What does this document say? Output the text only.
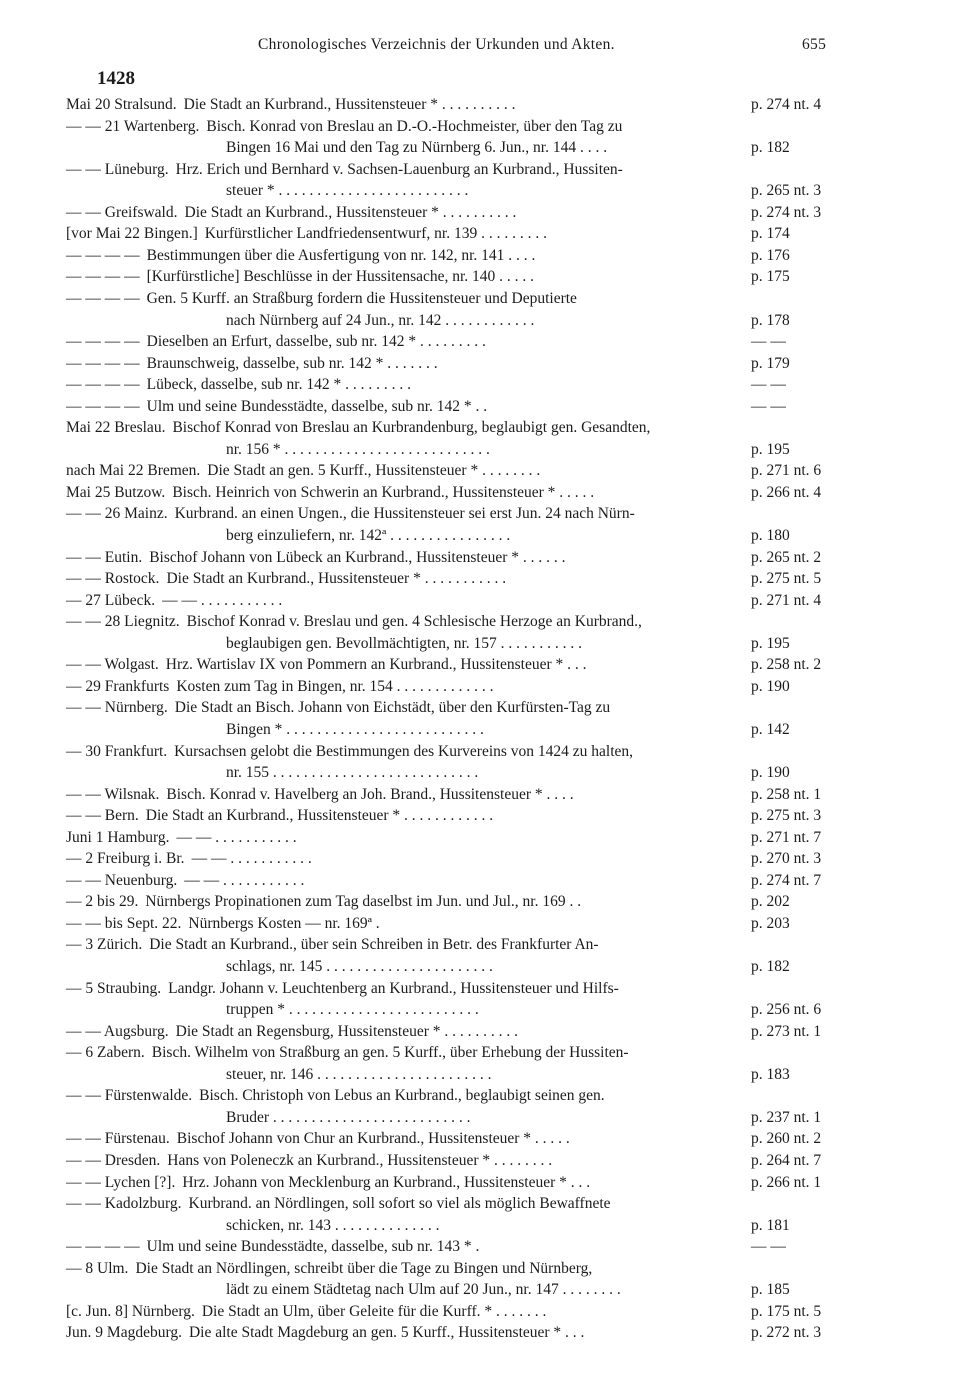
Chronologisches Verzeichnis der Urkunden und Akten.	655
1428
Mai 20 Stralsund. Die Stadt an Kurbrand., Hussitensteuer * . . . . . . . . . .	p. 274 nt. 4
— — 21 Wartenberg. Bisch. Konrad von Breslau an D.-O.-Hochmeister, über den Tag zu
Bingen 16 Mai und den Tag zu Nürnberg 6. Jun., nr. 144 . . . .	p. 182
— — Lüneburg. Hrz. Erich und Bernhard v. Sachsen-Lauenburg an Kurbrand., Hussiten-
steuer * . . . . . . . . . . . . . . . . . . . . . . . . .	p. 265 nt. 3
— — Greifswald. Die Stadt an Kurbrand., Hussitensteuer * . . . . . . . . . .	p. 274 nt. 3
[vor Mai 22 Bingen.] Kurfürstlicher Landfriedensentwurf, nr. 139 . . . . . . . . .	p. 174
— — — — Bestimmungen über die Ausfertigung von nr. 142, nr. 141 . . . .	p. 176
— — — — [Kurfürstliche] Beschlüsse in der Hussitensache, nr. 140 . . . . .	p. 175
— — — — Gen. 5 Kurff. an Straßburg fordern die Hussitensteuer und Deputierte
nach Nürnberg auf 24 Jun., nr. 142 . . . . . . . . . . . .	p. 178
— — — — Dieselben an Erfurt, dasselbe, sub nr. 142 * . . . . . . . . .	— —
— — — — Braunschweig, dasselbe, sub nr. 142 * . . . . . . .	p. 179
— — — — Lübeck, dasselbe, sub nr. 142 * . . . . . . . . .	— —
— — — — Ulm und seine Bundesstädte, dasselbe, sub nr. 142 * . .	— —
Mai 22 Breslau. Bischof Konrad von Breslau an Kurbrandenburg, beglaubigt gen. Gesandten,
nr. 156 * . . . . . . . . . . . . . . . . . . . . . . . . . . .	p. 195
nach Mai 22 Bremen. Die Stadt an gen. 5 Kurff., Hussitensteuer * . . . . . . . .	p. 271 nt. 6
Mai 25 Butzow. Bisch. Heinrich von Schwerin an Kurbrand., Hussitensteuer * . . . . .	p. 266 nt. 4
— — 26 Mainz. Kurbrand. an einen Ungen., die Hussitensteuer sei erst Jun. 24 nach Nürn-
berg einzuliefern, nr. 142ª . . . . . . . . . . . . . . . .	p. 180
— — Eutin. Bischof Johann von Lübeck an Kurbrand., Hussitensteuer * . . . . . .	p. 265 nt. 2
— — Rostock. Die Stadt an Kurbrand., Hussitensteuer * . . . . . . . . . . .	p. 275 nt. 5
— 27 Lübeck. — — . . . . . . . . . . .	p. 271 nt. 4
— — 28 Liegnitz. Bischof Konrad v. Breslau und gen. 4 Schlesische Herzoge an Kurbrand.,
beglaubigen gen. Bevollmächtigten, nr. 157 . . . . . . . . . . .	p. 195
— — Wolgast. Hrz. Wartislav IX von Pommern an Kurbrand., Hussitensteuer * . . .	p. 258 nt. 2
— 29 Frankfurts Kosten zum Tag in Bingen, nr. 154 . . . . . . . . . . . . .	p. 190
— — Nürnberg. Die Stadt an Bisch. Johann von Eichstädt, über den Kurfürsten-Tag zu
Bingen * . . . . . . . . . . . . . . . . . . . . . . . . . .	p. 142
— 30 Frankfurt. Kursachsen gelobt die Bestimmungen des Kurvereins von 1424 zu halten,
nr. 155 . . . . . . . . . . . . . . . . . . . . . . . . . . .	p. 190
— — Wilsnak. Bisch. Konrad v. Havelberg an Joh. Brand., Hussitensteuer * . . . .	p. 258 nt. 1
— — Bern. Die Stadt an Kurbrand., Hussitensteuer * . . . . . . . . . . . .	p. 275 nt. 3
Juni 1 Hamburg. — — . . . . . . . . . . .	p. 271 nt. 7
— 2 Freiburg i. Br. — — . . . . . . . . . . .	p. 270 nt. 3
— — Neuenburg. — — . . . . . . . . . . .	p. 274 nt. 7
— 2 bis 29. Nürnbergs Propinationen zum Tag daselbst im Jun. und Jul., nr. 169 . .	p. 202
— — bis Sept. 22. Nürnbergs Kosten — nr. 169ª .	p. 203
— 3 Zürich. Die Stadt an Kurbrand., über sein Schreiben in Betr. des Frankfurter An-
schlags, nr. 145 . . . . . . . . . . . . . . . . . . . . . .	p. 182
— 5 Straubing. Landgr. Johann v. Leuchtenberg an Kurbrand., Hussitensteuer und Hilfs-
truppen * . . . . . . . . . . . . . . . . . . . . . . . . .	p. 256 nt. 6
— — Augsburg. Die Stadt an Regensburg, Hussitensteuer * . . . . . . . . . .	p. 273 nt. 1
— 6 Zabern. Bisch. Wilhelm von Straßburg an gen. 5 Kurff., über Erhebung der Hussiten-
steuer, nr. 146 . . . . . . . . . . . . . . . . . . . . . . .	p. 183
— — Fürstenwalde. Bisch. Christoph von Lebus an Kurbrand., beglaubigt seinen gen.
Bruder . . . . . . . . . . . . . . . . . . . . . . . . . .	p. 237 nt. 1
— — Fürstenau. Bischof Johann von Chur an Kurbrand., Hussitensteuer * . . . . .	p. 260 nt. 2
— — Dresden. Hans von Poleneczk an Kurbrand., Hussitensteuer * . . . . . . . .	p. 264 nt. 7
— — Lychen [?]. Hrz. Johann von Mecklenburg an Kurbrand., Hussitensteuer * . . .	p. 266 nt. 1
— — Kadolzburg. Kurbrand. an Nördlingen, soll sofort so viel als möglich Bewaffnete
schicken, nr. 143 . . . . . . . . . . . . . .	p. 181
— — — — Ulm und seine Bundesstädte, dasselbe, sub nr. 143 * .	— —
— 8 Ulm. Die Stadt an Nördlingen, schreibt über die Tage zu Bingen und Nürnberg,
lädt zu einem Städtetag nach Ulm auf 20 Jun., nr. 147 . . . . . . . .	p. 185
[c. Jun. 8] Nürnberg. Die Stadt an Ulm, über Geleite für die Kurff. * . . . . . . .	p. 175 nt. 5
Jun. 9 Magdeburg. Die alte Stadt Magdeburg an gen. 5 Kurff., Hussitensteuer * . . .	p. 272 nt. 3
